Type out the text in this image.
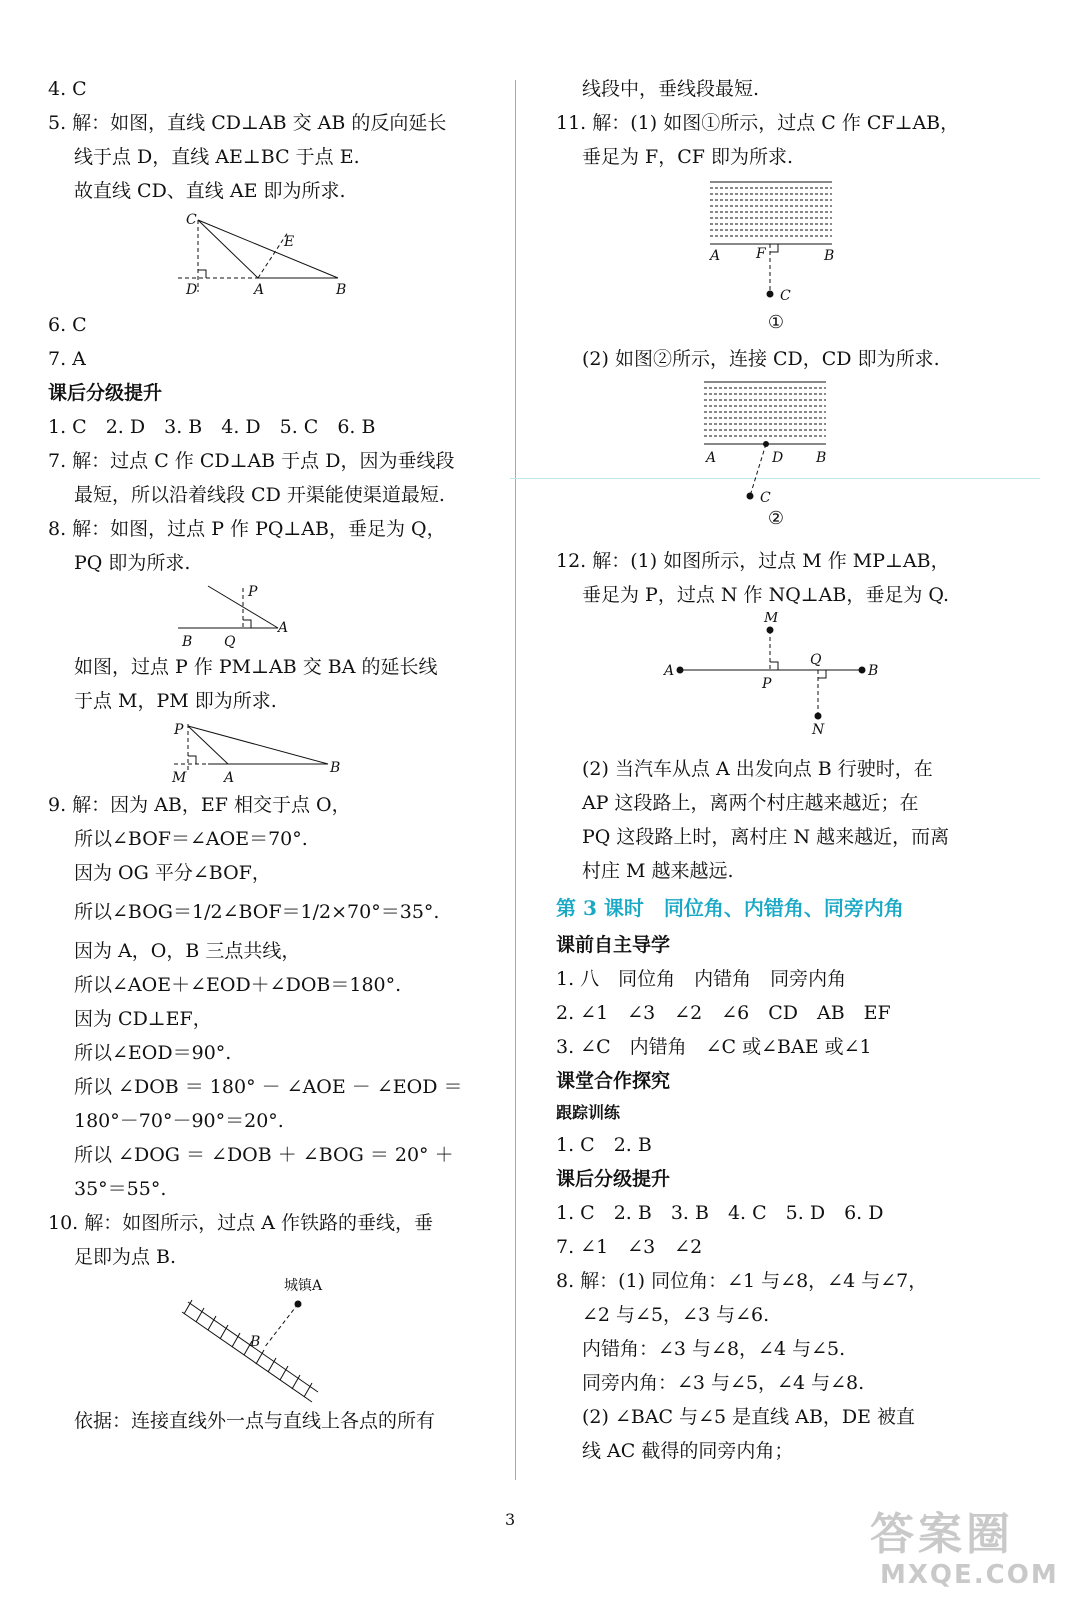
4. C
5. 解：如图，直线 CD⊥AB 交 AB 的反向延长
线于点 D，直线 AE⊥BC 于点 E.
故直线 CD、直线 AE 即为所求.
C
E
D	A	B
6. C
7. A
课后分级提升
1. C　2. D　3. B　4. D　5. C　6. B
7. 解：过点 C 作 CD⊥AB 于点 D，因为垂线段
最短，所以沿着线段 CD 开渠能使渠道最短.
8. 解：如图，过点 P 作 PQ⊥AB，垂足为 Q，
PQ 即为所求.
P
B Q
A
如图，过点 P 作 PM⊥AB 交 BA 的延长线
于点 M，PM 即为所求.
P
M	A
B
9. 解：因为 AB，EF 相交于点 O，
所以∠BOF＝∠AOE＝70°.
因为 OG 平分∠BOF，
所以∠BOG＝1/2∠BOF＝1/2×70°＝35°.
因为 A，O，B 三点共线，
所以∠AOE＋∠EOD＋∠DOB＝180°.
因为 CD⊥EF，
所以∠EOD＝90°.
所以 ∠DOB ＝ 180° － ∠AOE － ∠EOD ＝
180°－70°－90°＝20°.
所以 ∠DOG ＝ ∠DOB ＋ ∠BOG ＝ 20° ＋
35°＝55°.
10. 解：如图所示，过点 A 作铁路的垂线，垂
足即为点 B.
城镇A
B
依据：连接直线外一点与直线上各点的所有
线段中，垂线段最短.
11. 解：(1) 如图①所示，过点 C 作 CF⊥AB，
垂足为 F，CF 即为所求.
A	F	B
C
①
(2) 如图②所示，连接 CD，CD 即为所求.
A	D B
C
②
12. 解：(1) 如图所示，过点 M 作 MP⊥AB，
垂足为 P，过点 N 作 NQ⊥AB，垂足为 Q.
M
A
P
Q
B
N
(2) 当汽车从点 A 出发向点 B 行驶时，在
AP 这段路上，离两个村庄越来越近；在
PQ 这段路上时，离村庄 N 越来越近，而离
村庄 M 越来越远.
第 3 课时　同位角、内错角、同旁内角
课前自主导学
1. 八　同位角　内错角　同旁内角
2. ∠1　∠3　∠2　∠6　CD　AB　EF
3. ∠C　内错角　∠C 或∠BAE 或∠1
课堂合作探究
跟踪训练
1. C　2. B
课后分级提升
1. C　2. B　3. B　4. C　5. D　6. D
7. ∠1　∠3　∠2
8. 解：(1) 同位角：∠1 与∠8，∠4 与∠7，
∠2 与∠5，∠3 与∠6.
内错角：∠3 与∠8，∠4 与∠5.
同旁内角：∠3 与∠5，∠4 与∠8.
(2) ∠BAC 与∠5 是直线 AB，DE 被直
线 AC 截得的同旁内角；
3	答案圈
MXQE.COM
